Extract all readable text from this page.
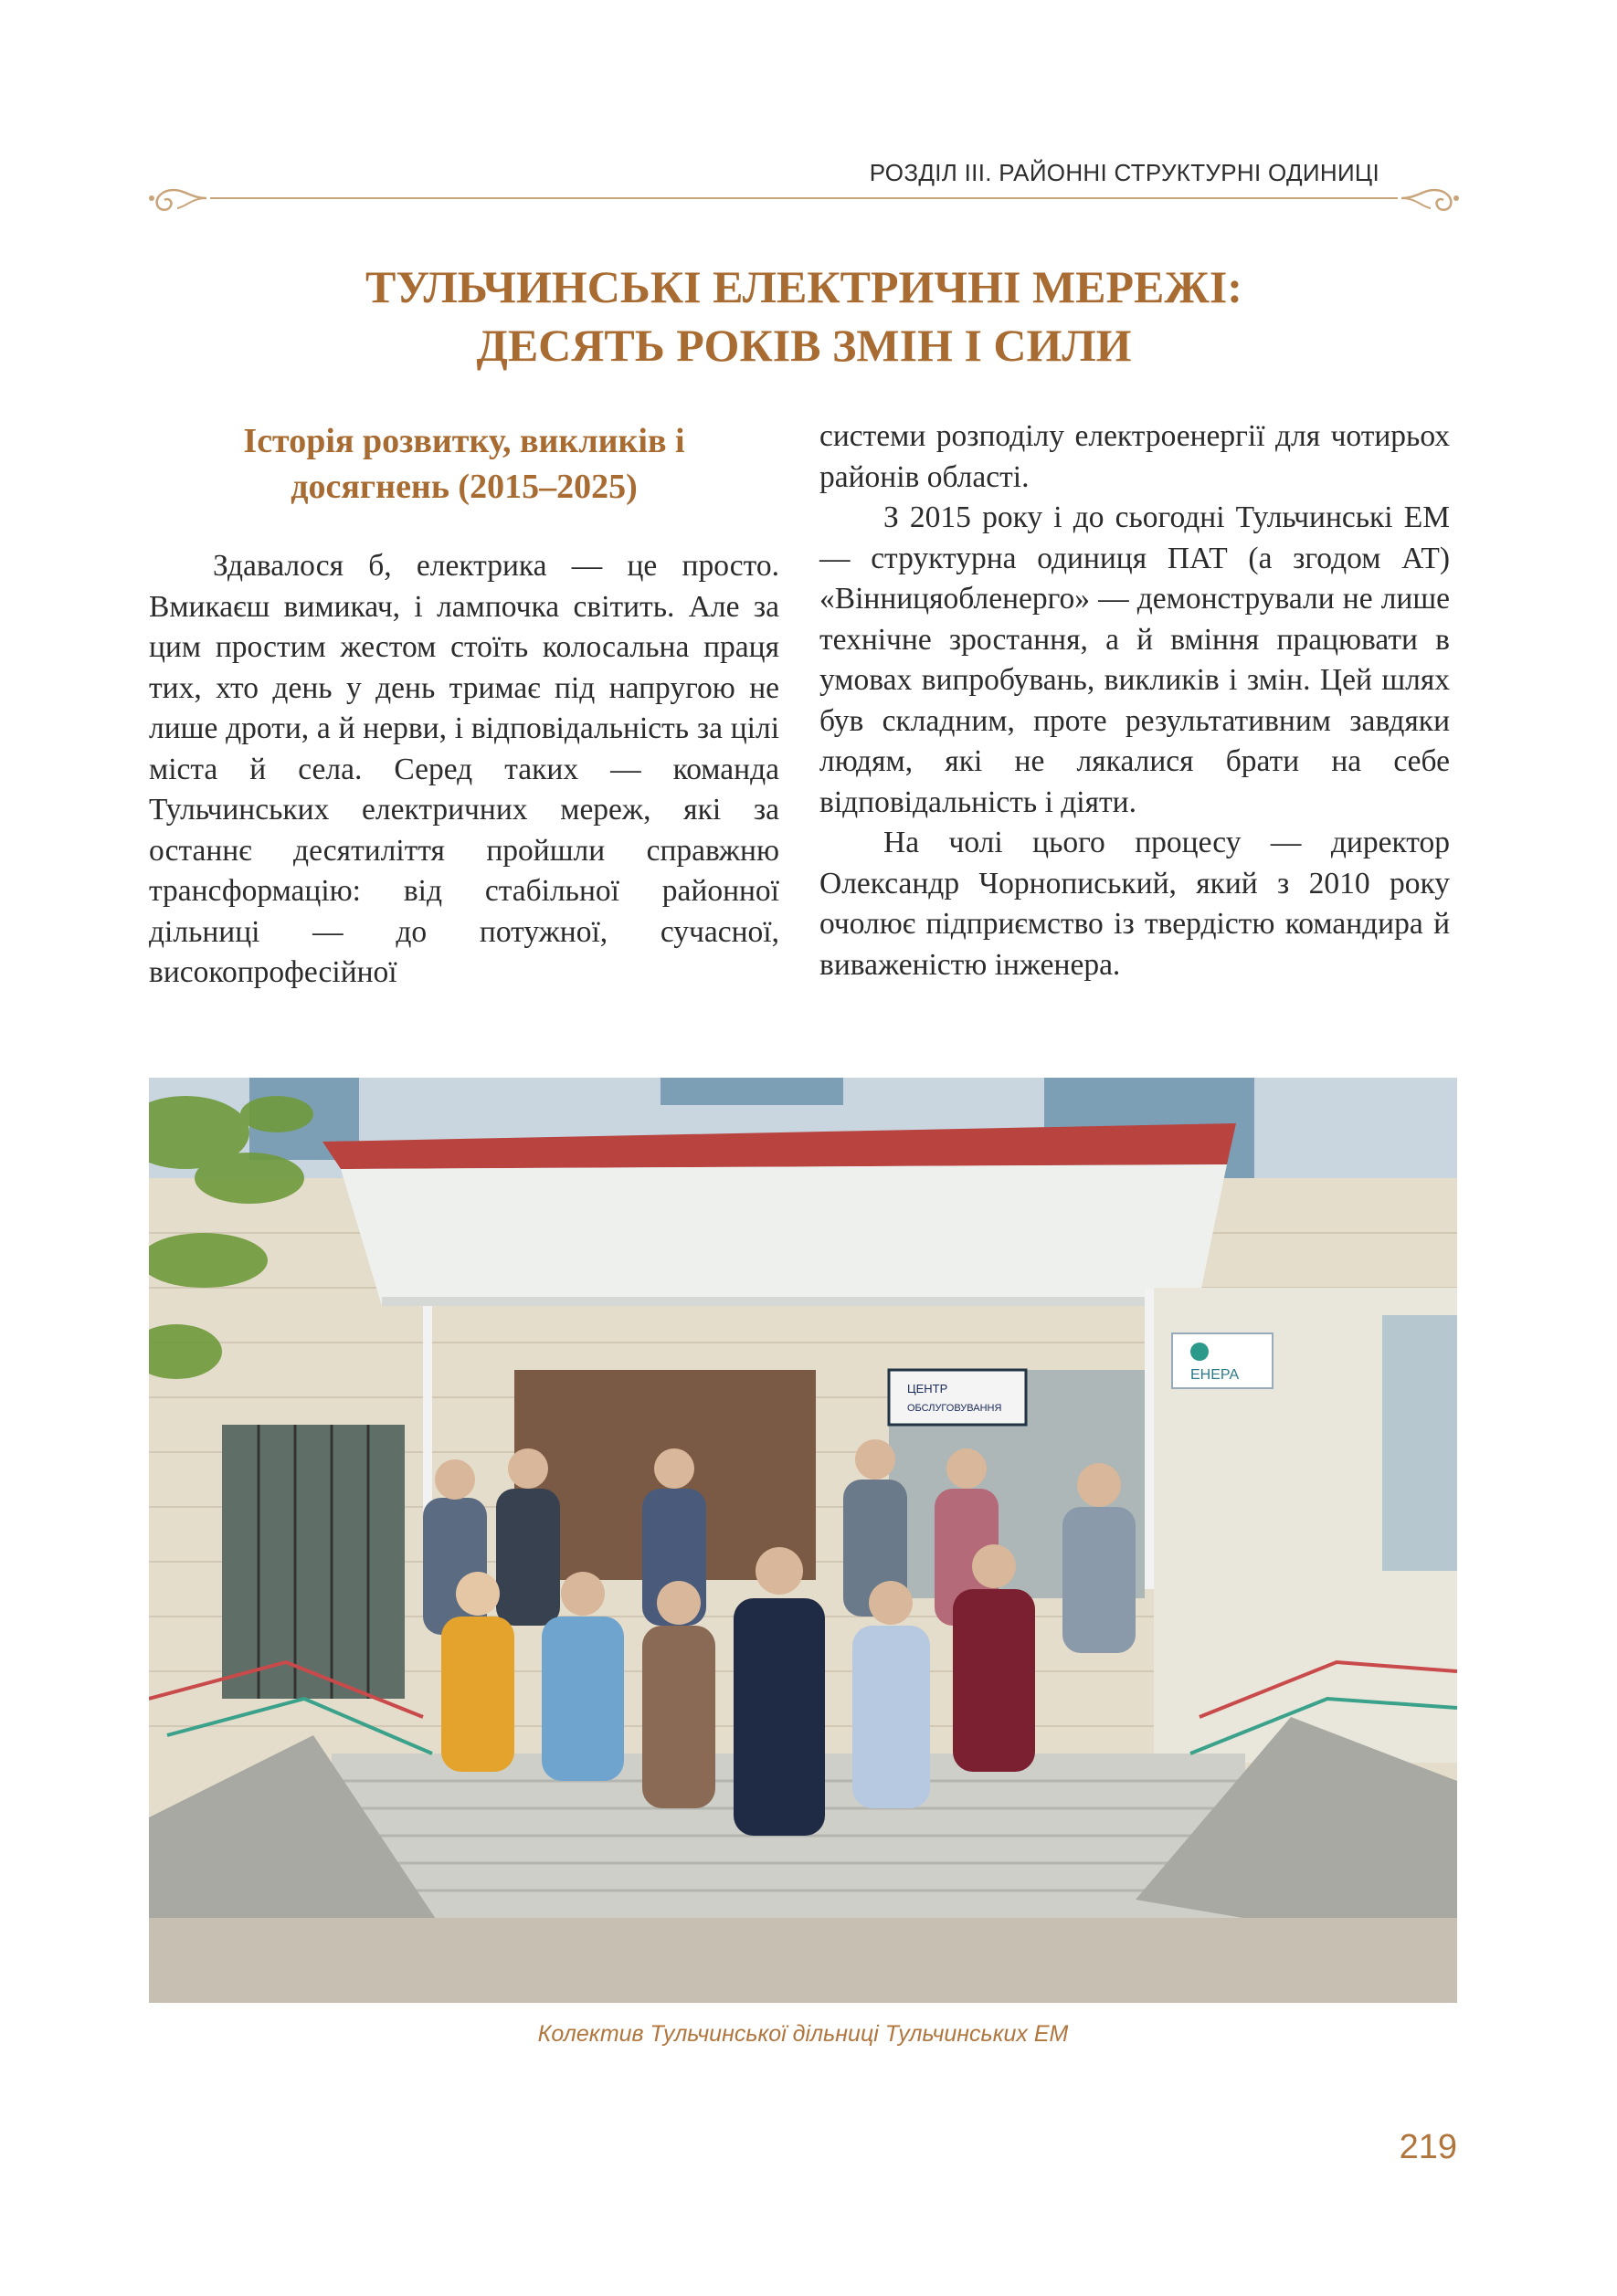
РОЗДІЛ ІІІ. РАЙОННІ СТРУКТУРНІ ОДИНИЦІ
ТУЛЬЧИНСЬКІ ЕЛЕКТРИЧНІ МЕРЕЖІ:
ДЕСЯТЬ РОКІВ ЗМІН І СИЛИ
Історія розвитку, викликів і
досягнень (2015–2025)

Здавалося б, електрика — це просто. Вмикаєш вимикач, і лампочка світить. Але за цим простим жестом стоїть колосальна праця тих, хто день у день тримає під напругою не лише дроти, а й нерви, і відповідальність за цілі міста й села. Серед таких — команда Тульчинських електричних мереж, які за останнє десятиліття пройшли справжню трансформацію: від стабільної районної дільниці — до потужної, сучасної, високопрофесійної

системи розподілу електроенергії для чотирьох районів області.

З 2015 року і до сьогодні Тульчинські ЕМ — структурна одиниця ПАТ (а згодом АТ) «Вінницяобленерго» — демонстрували не лише технічне зростання, а й вміння працювати в умовах випробувань, викликів і змін. Цей шлях був складним, проте результативним завдяки людям, які не лякалися брати на себе відповідальність і діяти.

На чолі цього процесу — директор Олександр Чорнописький, який з 2010 року очолює підприємство із твердістю командира й виваженістю інженера.

ЕНЕРА
ЦЕНТР
ОБСЛУГОВУВАННЯ
Колектив Тульчинської дільниці Тульчинських ЕМ
219
